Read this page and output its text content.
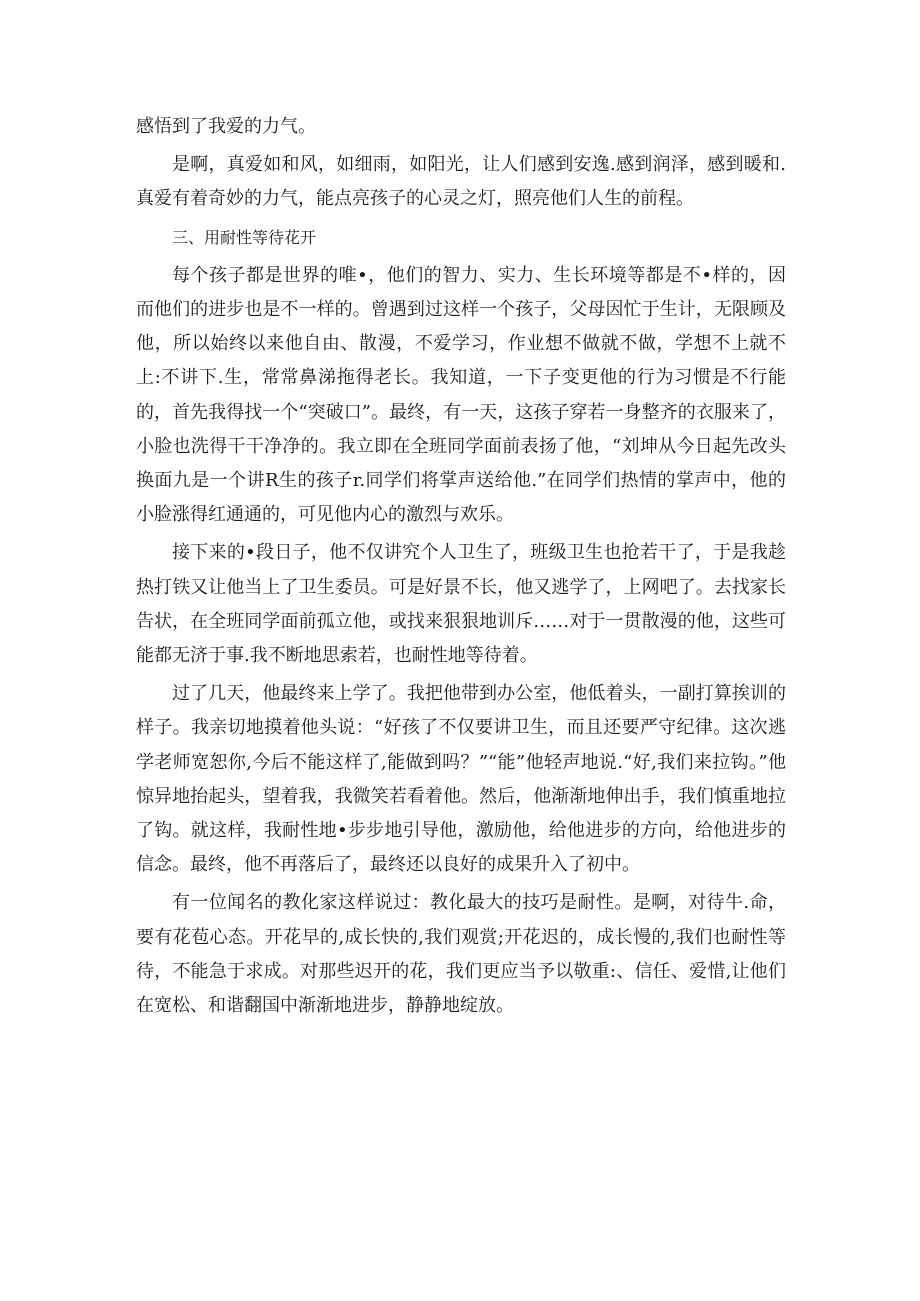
感悟到了我爱的力气。

是啊，真爱如和风，如细雨，如阳光，让人们感到安逸.感到润泽，感到暖和.真爱有着奇妙的力气，能点亮孩子的心灵之灯，照亮他们人生的前程。

三、用耐性等待花开

每个孩子都是世界的唯•，他们的智力、实力、生长环境等都是不•样的，因而他们的进步也是不一样的。曾遇到过这样一个孩子，父母因忙于生计，无限顾及他，所以始终以来他自由、散漫，不爱学习，作业想不做就不做，学想不上就不上:不讲下.生，常常鼻涕拖得老长。我知道，一下子变更他的行为习惯是不行能的，首先我得找一个“突破口”。最终，有一天，这孩子穿若一身整齐的衣服来了，小脸也洗得干干净净的。我立即在全班同学面前表扬了他，“刘坤从今日起先改头换面九是一个讲R生的孩子r.同学们将掌声送给他.”在同学们热情的掌声中，他的小脸涨得红通通的，可见他内心的激烈与欢乐。

接下来的•段日子，他不仅讲究个人卫生了，班级卫生也抢若干了，于是我趁热打铁又让他当上了卫生委员。可是好景不长，他又逃学了，上网吧了。去找家长告状，在全班同学面前孤立他，或找来狠狠地训斥……对于一贯散漫的他，这些可能都无济于事.我不断地思索若，也耐性地等待着。

过了几天，他最终来上学了。我把他带到办公室，他低着头，一副打算挨训的样子。我亲切地摸着他头说：“好孩了不仅要讲卫生，而且还要严守纪律。这次逃学老师宽恕你,今后不能这样了,能做到吗？”“能”他轻声地说.“好,我们来拉钩。”他惊异地抬起头，望着我，我微笑若看着他。然后，他渐渐地伸出手，我们慎重地拉了钩。就这样，我耐性地•步步地引导他，激励他，给他进步的方向，给他进步的信念。最终，他不再落后了，最终还以良好的成果升入了初中。

有一位闻名的教化家这样说过：教化最大的技巧是耐性。是啊，对待牛.命，要有花苞心态。开花早的,成长快的,我们观赏;开花迟的，成长慢的,我们也耐性等待，不能急于求成。对那些迟开的花，我们更应当予以敬重:、信任、爱惜,让他们在宽松、和谐翻国中渐渐地进步，静静地绽放。
